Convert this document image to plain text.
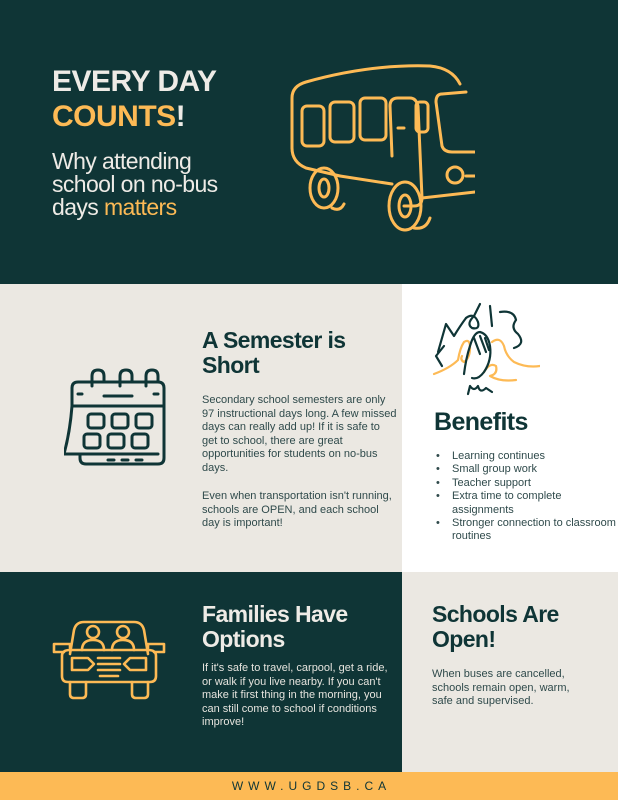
EVERY DAY
COUNTS!

Why attending
school on no-bus
days matters

A Semester is Short

Secondary school semesters are only 97 instructional days long. A few missed days can really add up! If it is safe to get to school, there are great opportunities for students on no-bus days.

Even when transportation isn't running, schools are OPEN, and each school day is important!

Benefits
• Learning continues
• Small group work
• Teacher support
• Extra time to complete assignments
• Stronger connection to classroom routines
Families Have Options

If it's safe to travel, carpool, get a ride, or walk if you live nearby. If you can't make it first thing in the morning, you can still come to school if conditions improve!

Schools Are Open!

When buses are cancelled, schools remain open, warm, safe and supervised.

WWW.UGDSB.CA
